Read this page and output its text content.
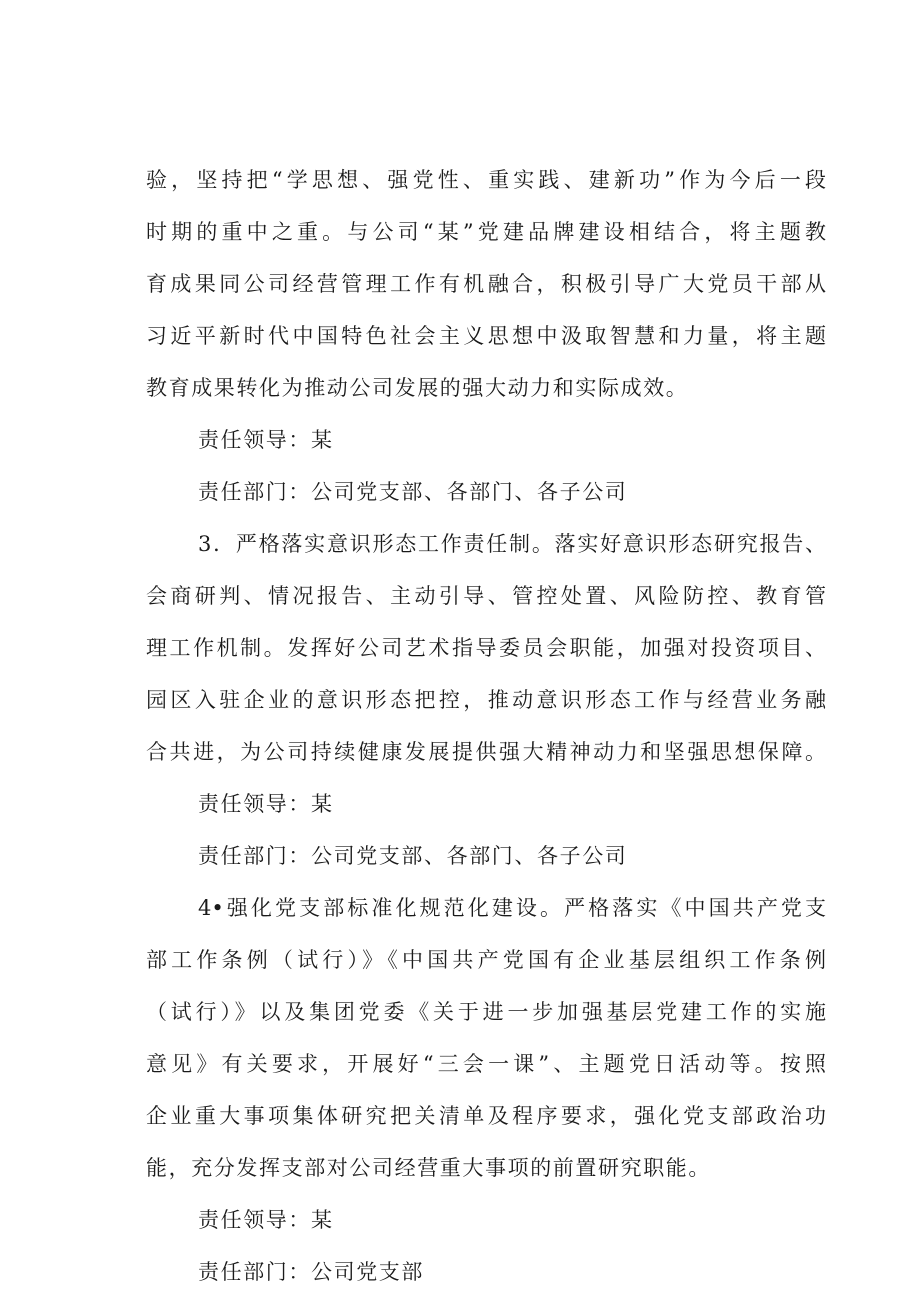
验，坚持把“学思想、强党性、重实践、建新功”作为今后一段
时期的重中之重。与公司“某”党建品牌建设相结合，将主题教
育成果同公司经营管理工作有机融合，积极引导广大党员干部从
习近平新时代中国特色社会主义思想中汲取智慧和力量，将主题
教育成果转化为推动公司发展的强大动力和实际成效。
责任领导：某
责任部门：公司党支部、各部门、各子公司
3．严格落实意识形态工作责任制。落实好意识形态研究报告、
会商研判、情况报告、主动引导、管控处置、风险防控、教育管
理工作机制。发挥好公司艺术指导委员会职能，加强对投资项目、
园区入驻企业的意识形态把控，推动意识形态工作与经营业务融
合共进，为公司持续健康发展提供强大精神动力和坚强思想保障。
责任领导：某
责任部门：公司党支部、各部门、各子公司
4•强化党支部标准化规范化建设。严格落实《中国共产党支
部工作条例（试行）》《中国共产党国有企业基层组织工作条例
（试行）》以及集团党委《关于进一步加强基层党建工作的实施
意见》有关要求，开展好“三会一课”、主题党日活动等。按照
企业重大事项集体研究把关清单及程序要求，强化党支部政治功
能，充分发挥支部对公司经营重大事项的前置研究职能。
责任领导：某
责任部门：公司党支部
